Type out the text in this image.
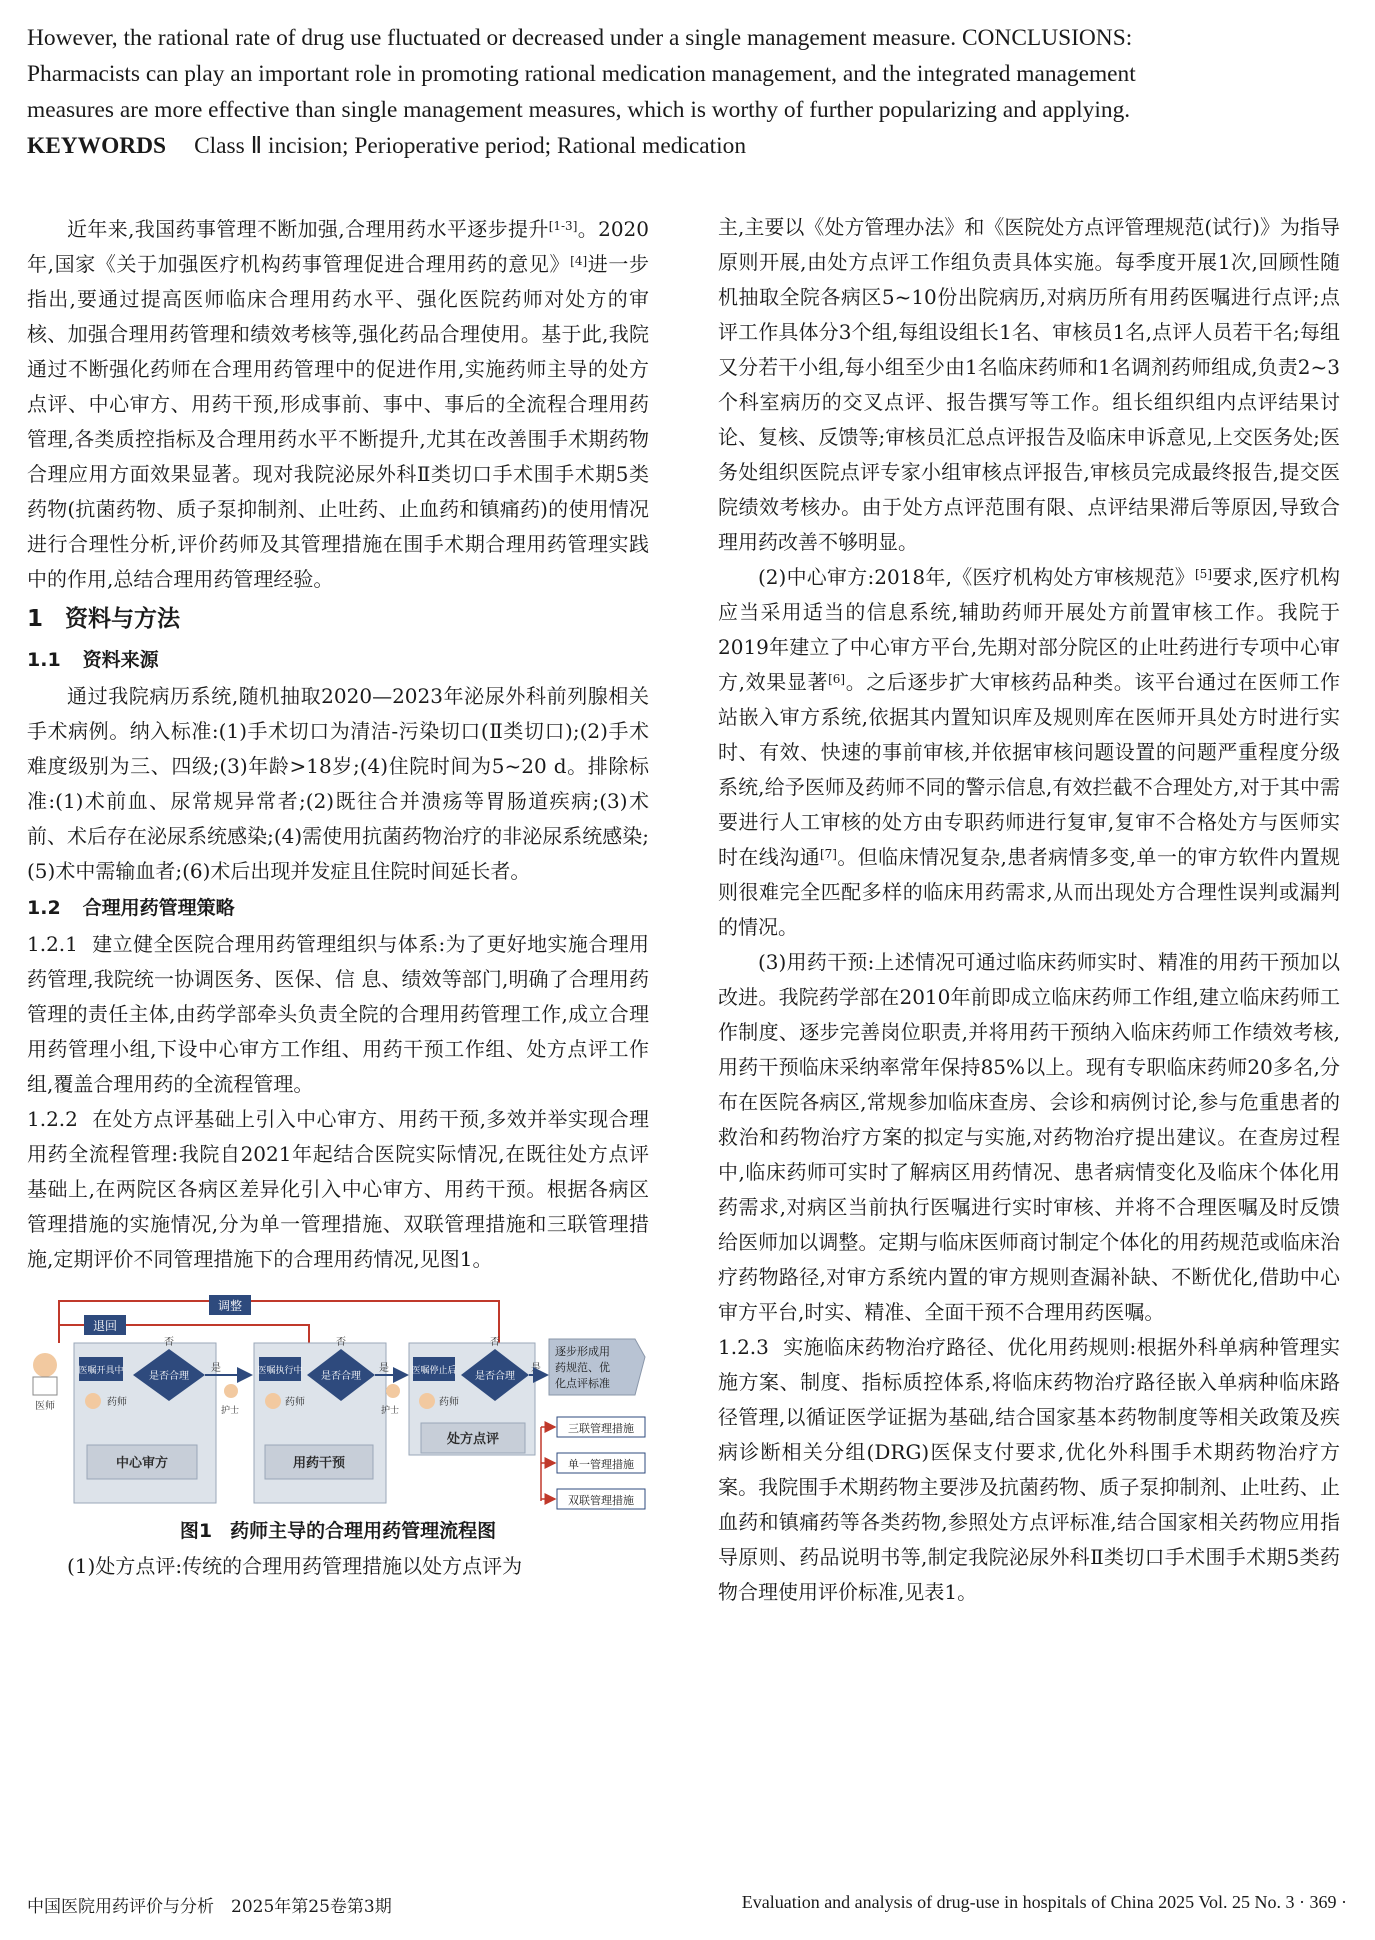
However, the rational rate of drug use fluctuated or decreased under a single management measure. CONCLUSIONS:

Pharmacists can play an important role in promoting rational medication management, and the integrated management

measures are more effective than single management measures, which is worthy of further popularizing and applying.

KEYWORDS Class Ⅱ incision; Perioperative period; Rational medication

近年来,我国药事管理不断加强,合理用药水平逐步提升[1-3]。2020年,国家《关于加强医疗机构药事管理促进合理用药的意见》[4]进一步指出,要通过提高医师临床合理用药水平、强化医院药师对处方的审核、加强合理用药管理和绩效考核等,强化药品合理使用。基于此,我院通过不断强化药师在合理用药管理中的促进作用,实施药师主导的处方点评、中心审方、用药干预,形成事前、事中、事后的全流程合理用药管理,各类质控指标及合理用药水平不断提升,尤其在改善围手术期药物合理应用方面效果显著。现对我院泌尿外科Ⅱ类切口手术围手术期5类药物(抗菌药物、质子泵抑制剂、止吐药、止血药和镇痛药)的使用情况进行合理性分析,评价药师及其管理措施在围手术期合理用药管理实践中的作用,总结合理用药管理经验。

1 资料与方法

1.1 资料来源

通过我院病历系统,随机抽取2020—2023年泌尿外科前列腺相关手术病例。纳入标准:(1)手术切口为清洁-污染切口(Ⅱ类切口);(2)手术难度级别为三、四级;(3)年龄>18岁;(4)住院时间为5~20 d。排除标准:(1)术前血、尿常规异常者;(2)既往合并溃疡等胃肠道疾病;(3)术前、术后存在泌尿系统感染;(4)需使用抗菌药物治疗的非泌尿系统感染;(5)术中需输血者;(6)术后出现并发症且住院时间延长者。

1.2 合理用药管理策略

1.2.1 建立健全医院合理用药管理组织与体系:为了更好地实施合理用药管理,我院统一协调医务、医保、信 息、绩效等部门,明确了合理用药管理的责任主体,由药学部牵头负责全院的合理用药管理工作,成立合理用药管理小组,下设中心审方工作组、用药干预工作组、处方点评工作组,覆盖合理用药的全流程管理。

1.2.2 在处方点评基础上引入中心审方、用药干预,多效并举实现合理用药全流程管理:我院自2021年起结合医院实际情况,在既往处方点评基础上,在两院区各病区差异化引入中心审方、用药干预。根据各病区管理措施的实施情况,分为单一管理措施、双联管理措施和三联管理措施,定期评价不同管理措施下的合理用药情况,见图1。

退回
调整
医嘱开具中	是否合理
否
是
药师
中心审方
医师	护士
医嘱执行中 是否合理
否
是
药师
用药干预
护士
医嘱停止后 是否合理
否
是
药师
处方点评
逐步形成用
药规范、优
化点评标准
三联管理措施
单一管理措施
双联管理措施

图1 药师主导的合理用药管理流程图

(1)处方点评:传统的合理用药管理措施以处方点评为

主,主要以《处方管理办法》和《医院处方点评管理规范(试行)》为指导原则开展,由处方点评工作组负责具体实施。每季度开展1次,回顾性随机抽取全院各病区5~10份出院病历,对病历所有用药医嘱进行点评;点评工作具体分3个组,每组设组长1名、审核员1名,点评人员若干名;每组又分若干小组,每小组至少由1名临床药师和1名调剂药师组成,负责2~3个科室病历的交叉点评、报告撰写等工作。组长组织组内点评结果讨论、复核、反馈等;审核员汇总点评报告及临床申诉意见,上交医务处;医务处组织医院点评专家小组审核点评报告,审核员完成最终报告,提交医院绩效考核办。由于处方点评范围有限、点评结果滞后等原因,导致合理用药改善不够明显。

(2)中心审方:2018年,《医疗机构处方审核规范》[5]要求,医疗机构应当采用适当的信息系统,辅助药师开展处方前置审核工作。我院于2019年建立了中心审方平台,先期对部分院区的止吐药进行专项中心审方,效果显著[6]。之后逐步扩大审核药品种类。该平台通过在医师工作站嵌入审方系统,依据其内置知识库及规则库在医师开具处方时进行实时、有效、快速的事前审核,并依据审核问题设置的问题严重程度分级系统,给予医师及药师不同的警示信息,有效拦截不合理处方,对于其中需要进行人工审核的处方由专职药师进行复审,复审不合格处方与医师实时在线沟通[7]。但临床情况复杂,患者病情多变,单一的审方软件内置规则很难完全匹配多样的临床用药需求,从而出现处方合理性误判或漏判的情况。

(3)用药干预:上述情况可通过临床药师实时、精准的用药干预加以改进。我院药学部在2010年前即成立临床药师工作组,建立临床药师工作制度、逐步完善岗位职责,并将用药干预纳入临床药师工作绩效考核,用药干预临床采纳率常年保持85%以上。现有专职临床药师20多名,分布在医院各病区,常规参加临床查房、会诊和病例讨论,参与危重患者的救治和药物治疗方案的拟定与实施,对药物治疗提出建议。在查房过程中,临床药师可实时了解病区用药情况、患者病情变化及临床个体化用药需求,对病区当前执行医嘱进行实时审核、并将不合理医嘱及时反馈给医师加以调整。定期与临床医师商讨制定个体化的用药规范或临床治疗药物路径,对审方系统内置的审方规则查漏补缺、不断优化,借助中心审方平台,时实、精准、全面干预不合理用药医嘱。

1.2.3 实施临床药物治疗路径、优化用药规则:根据外科单病种管理实施方案、制度、指标质控体系,将临床药物治疗路径嵌入单病种临床路径管理,以循证医学证据为基础,结合国家基本药物制度等相关政策及疾病诊断相关分组(DRG)医保支付要求,优化外科围手术期药物治疗方案。我院围手术期药物主要涉及抗菌药物、质子泵抑制剂、止吐药、止血药和镇痛药等各类药物,参照处方点评标准,结合国家相关药物应用指导原则、药品说明书等,制定我院泌尿外科Ⅱ类切口手术围手术期5类药物合理使用评价标准,见表1。

中国医院用药评价与分析　2025年第25卷第3期	Evaluation and analysis of drug-use in hospitals of China 2025 Vol. 25 No. 3 · 369 ·
